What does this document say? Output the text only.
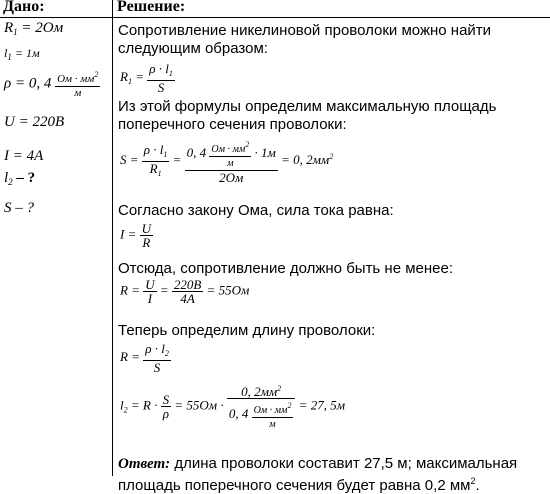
Дано:	Решение:
$R_1 = 2Ом$
$l_1 = 1м$
ρ = 0, $4 \frac{Ом \cdot мм^2}{м}$
U = 220В
I = 4A
$l_2$ – ?
S – ?
Сопротивление никелиновой проволоки можно найти
следующим образом:
$R_1 = \frac{\rho \cdot l_1}{S}$
Из этой формулы определим максимальную площадь
поперечного сечения проволоки:
$S = \frac{\rho \cdot l_1}{R_1} = \frac{0, 4 \frac{Ом \cdot мм^2}{м} \cdot 1м}{2Ом} = 0$, $2мм^2$
Согласно закону Ома, сила тока равна:
$I = \frac{U}{R}$
Отсюда, сопротивление должно быть не менее:
$R = \frac{U}{I} = \frac{220В}{4A} = 55Ом$
Теперь определим длину проволоки:
$R = \frac{\rho \cdot l_2}{S}$
$l_2 = R \cdot \frac{S}{\rho} = 55Ом \cdot \frac{0, 2мм^2}{0, 4 \frac{Ом \cdot мм^2}{м}} = 27$, 5м
Ответ: длина проволоки составит 27,5 м; максимальная площадь поперечного сечения будет равна 0,2 $мм^2$.
